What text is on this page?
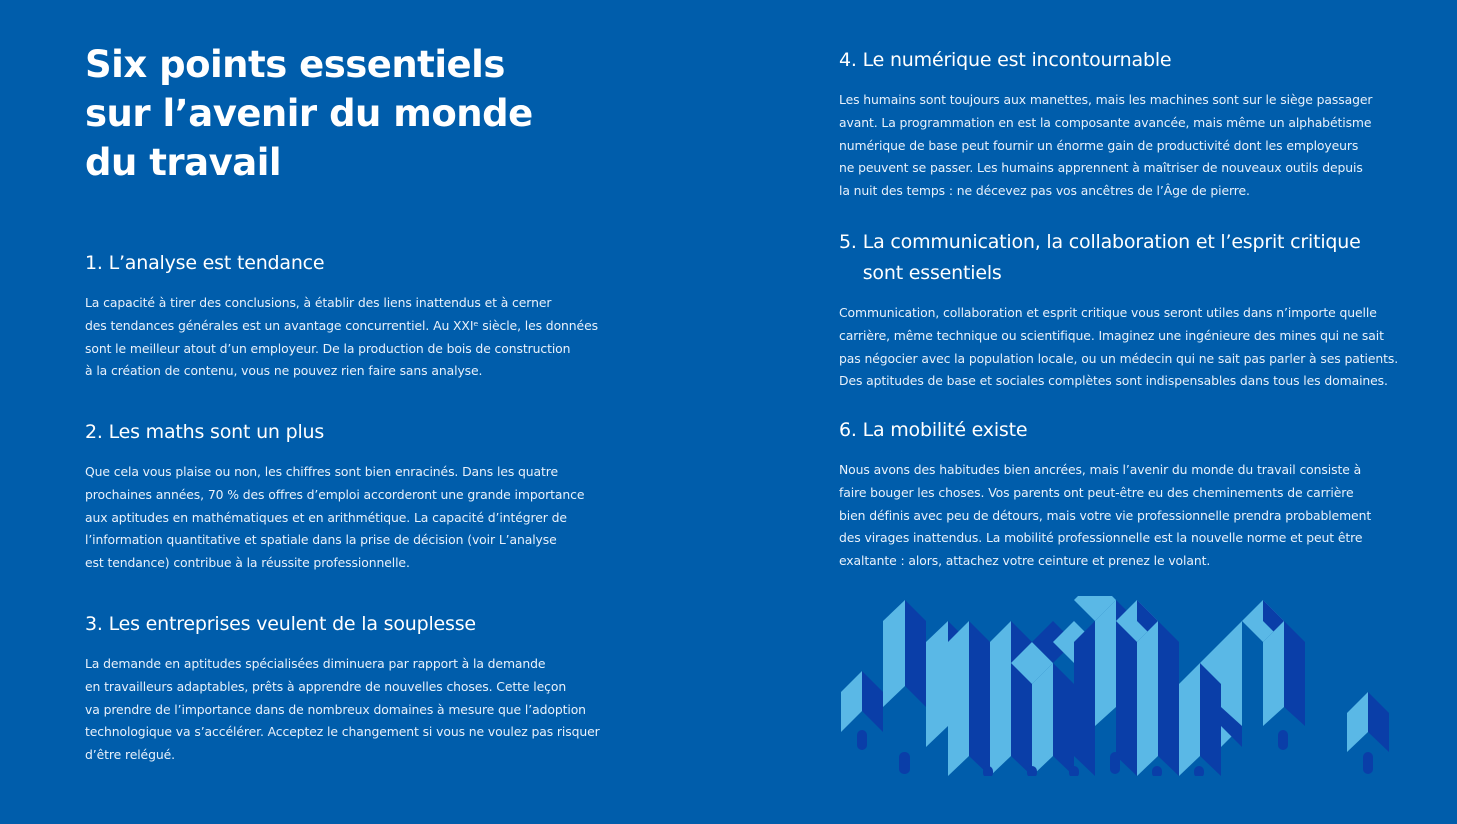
Six points essentiels
sur l’avenir du monde
du travail
1. L’analyse est tendance

La capacité à tirer des conclusions, à établir des liens inattendus et à cerner
des tendances générales est un avantage concurrentiel. Au XXIᵉ siècle, les données
sont le meilleur atout d’un employeur. De la production de bois de construction
à la création de contenu, vous ne pouvez rien faire sans analyse.

2. Les maths sont un plus

Que cela vous plaise ou non, les chiffres sont bien enracinés. Dans les quatre
prochaines années, 70 % des offres d’emploi accorderont une grande importance
aux aptitudes en mathématiques et en arithmétique. La capacité d’intégrer de
l’information quantitative et spatiale dans la prise de décision (voir L’analyse
est tendance) contribue à la réussite professionnelle.

3. Les entreprises veulent de la souplesse

La demande en aptitudes spécialisées diminuera par rapport à la demande
en travailleurs adaptables, prêts à apprendre de nouvelles choses. Cette leçon
va prendre de l’importance dans de nombreux domaines à mesure que l’adoption
technologique va s’accélérer. Acceptez le changement si vous ne voulez pas risquer
d’être relégué.

4. Le numérique est incontournable

Les humains sont toujours aux manettes, mais les machines sont sur le siège passager
avant. La programmation en est la composante avancée, mais même un alphabétisme
numérique de base peut fournir un énorme gain de productivité dont les employeurs
ne peuvent se passer. Les humains apprennent à maîtriser de nouveaux outils depuis
la nuit des temps : ne décevez pas vos ancêtres de l’Âge de pierre.

5. La communication, la collaboration et l’esprit critique sont essentiels

Communication, collaboration et esprit critique vous seront utiles dans n’importe quelle
carrière, même technique ou scientifique. Imaginez une ingénieure des mines qui ne sait
pas négocier avec la population locale, ou un médecin qui ne sait pas parler à ses patients.
Des aptitudes de base et sociales complètes sont indispensables dans tous les domaines.

6. La mobilité existe

Nous avons des habitudes bien ancrées, mais l’avenir du monde du travail consiste à
faire bouger les choses. Vos parents ont peut-être eu des cheminements de carrière
bien définis avec peu de détours, mais votre vie professionnelle prendra probablement
des virages inattendus. La mobilité professionnelle est la nouvelle norme et peut être
exaltante : alors, attachez votre ceinture et prenez le volant.
